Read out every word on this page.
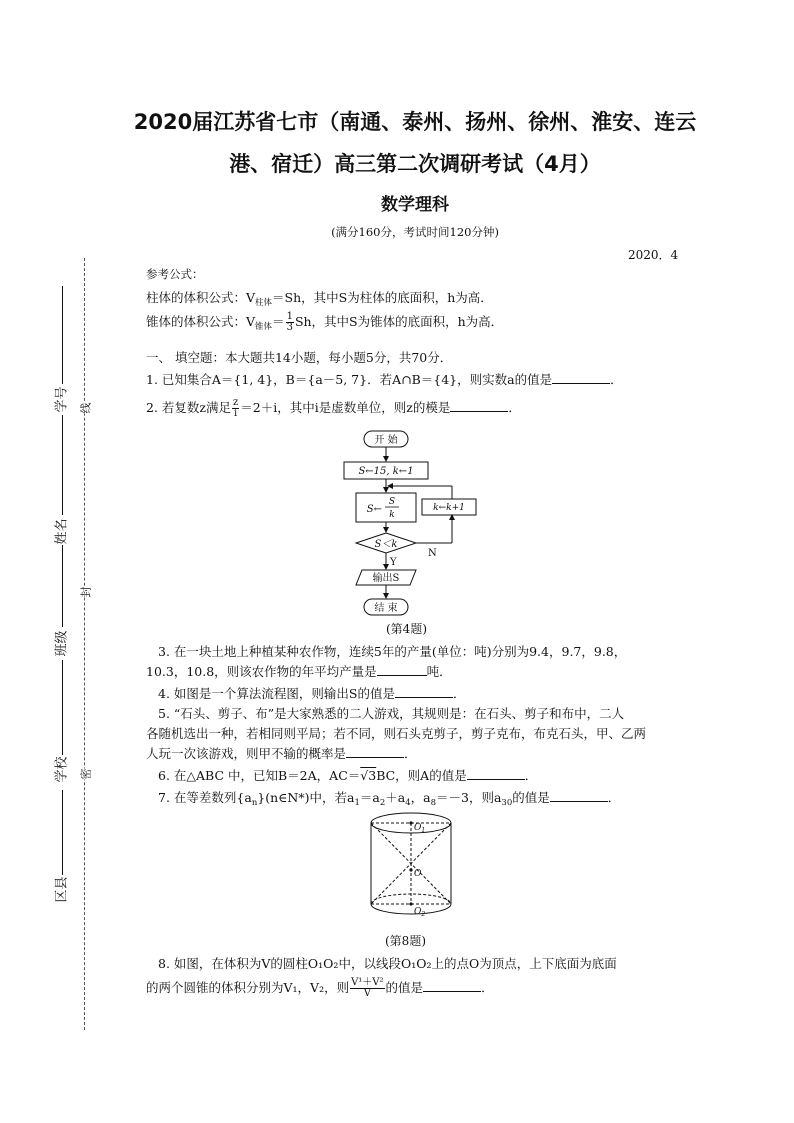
学号
姓名
班级
学校
区县
线
封
密
2020届江苏省七市（南通、泰州、扬州、徐州、淮安、连云
港、宿迁）高三第二次调研考试（4月）
数学理科
(满分160分，考试时间120分钟)
2020．4
参考公式：
柱体的体积公式：$V_{柱体}=Sh$，其中S为柱体的底面积，h为高．
锥体的体积公式：$V_{锥体}= \frac{1}{3}$ Sh，其中S为锥体的底面积，h为高．
一、 填空题：本大题共14小题，每小题5分，共70分．
1. 已知集合A＝{1, 4}，B＝{a－5, 7}．若A∩B＝{4}，则实数a的值是	．
2. 若复数z满足 $\frac{z}{i} =2+i$，其中i是虚数单位，则z的模是	．
开 始
S←15, k←1
S←
S
k
k←k+1
S＜k
N
Y
输出S
结 束
(第4题)
3. 在一块土地上种植某种农作物，连续5年的产量(单位：吨)分别为9.4，9.7，9.8，
10.3，10.8，则该农作物的年平均产量是	吨．
4. 如图是一个算法流程图，则输出S的值是	．
5. “石头、剪子、布”是大家熟悉的二人游戏，其规则是：在石头、剪子和布中，二人
各随机选出一种，若相同则平局；若不同，则石头克剪子，剪子克布，布克石头，甲、乙两
人玩一次该游戏，则甲不输的概率是	．
6. 在△ABC 中，已知B＝2A，AC＝√3BC，则A的值是	．
7. 在等差数列$\{a_n\}(n\in N*)$中，若$a_1=a_2+a_4$，$a_8=-3$，则$a_{30}$的值是	．
$O_1$
O
$O_2$
(第8题)
8. 如图，在体积为V的圆柱O₁O₂中，以线段O₁O₂上的点O为顶点，上下底面为底面
的两个圆锥的体积分别为V₁，V₂，则 $\frac{\text{V¹＋V²}}{V}$ 的值是	．
